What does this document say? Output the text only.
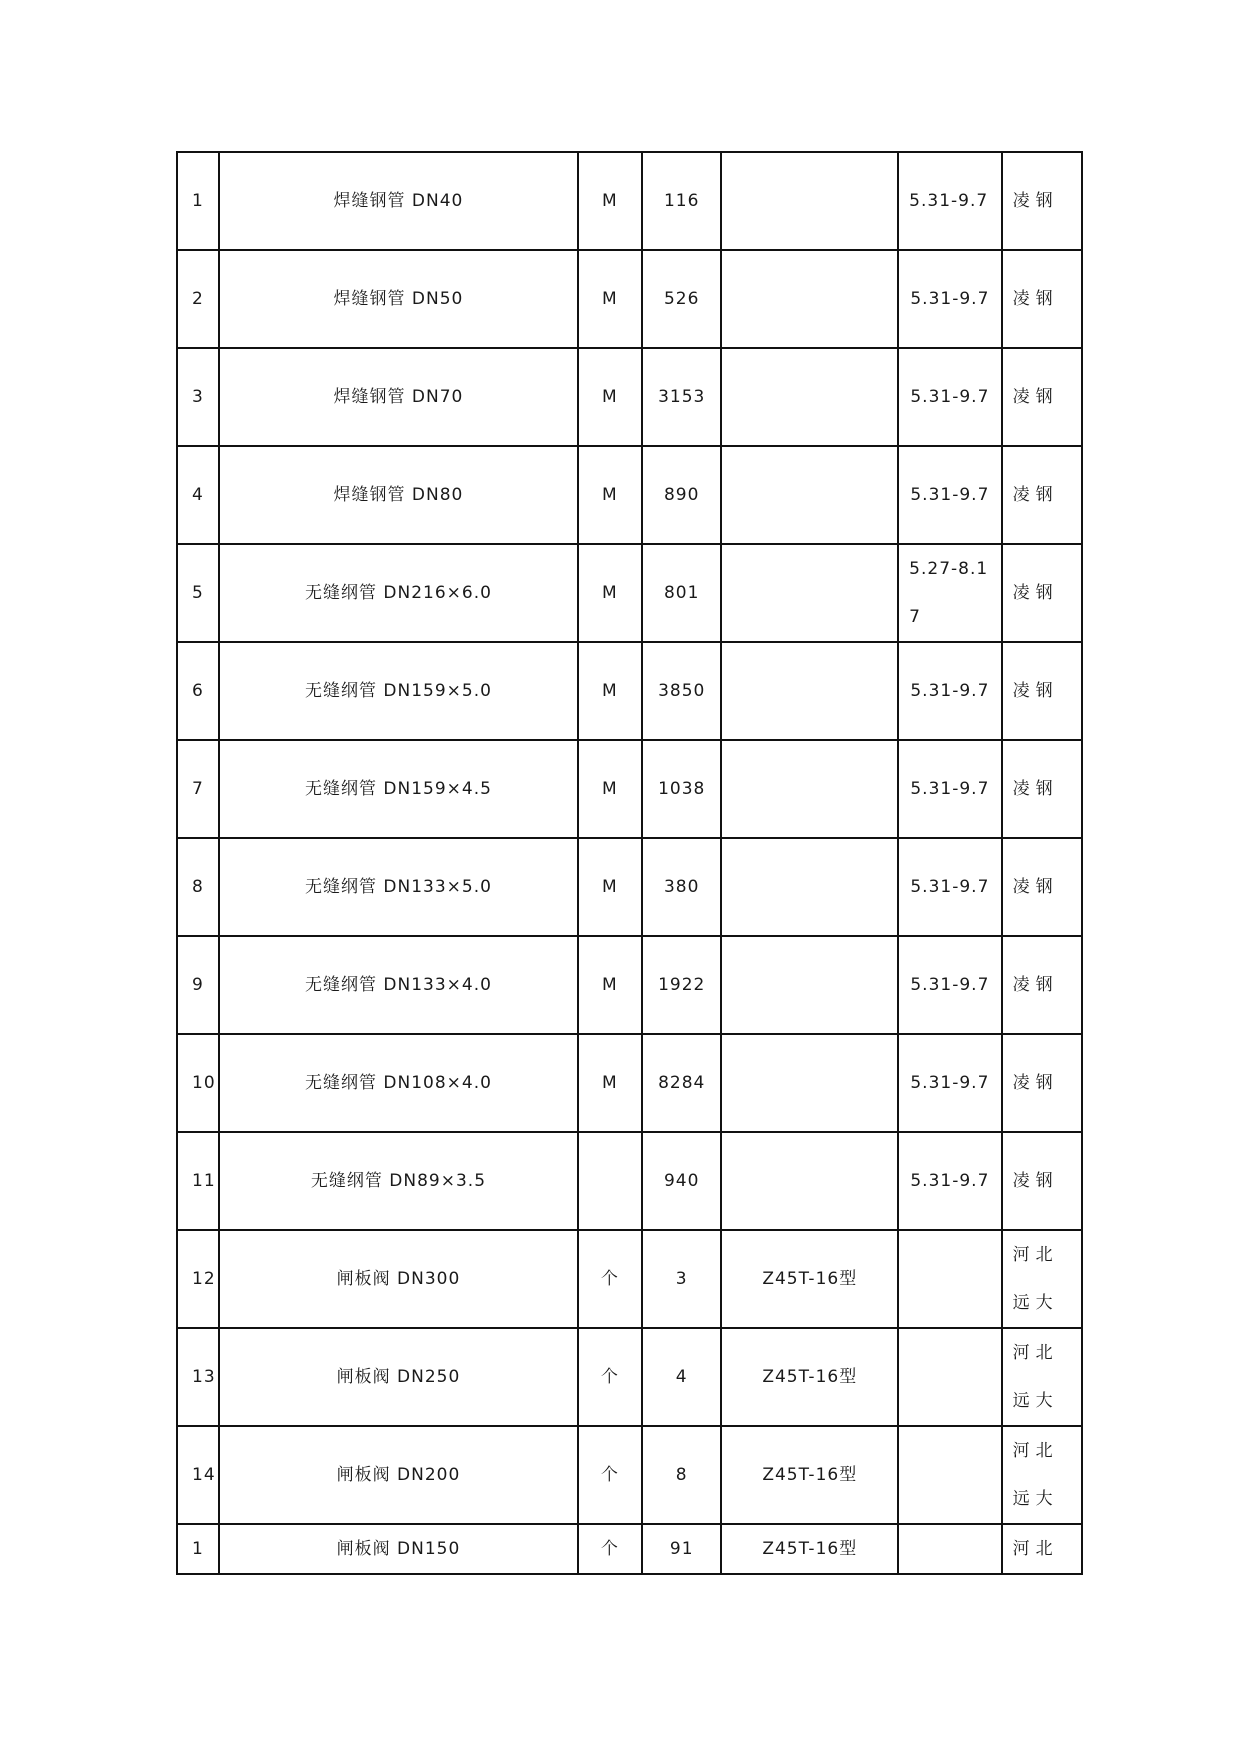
1	焊缝钢管 DN40	M	116		5.31-9.7	凌钢
2	焊缝钢管 DN50	M	526		5.31-9.7	凌钢
3	焊缝钢管 DN70	M	3153		5.31-9.7	凌钢
4	焊缝钢管 DN80	M	890		5.31-9.7	凌钢
5	无缝纲管 DN216×6.0	M	801		5.27-8.17	凌钢
6	无缝纲管 DN159×5.0	M	3850		5.31-9.7	凌钢
7	无缝纲管 DN159×4.5	M	1038		5.31-9.7	凌钢
8	无缝纲管 DN133×5.0	M	380		5.31-9.7	凌钢
9	无缝纲管 DN133×4.0	M	1922		5.31-9.7	凌钢
10	无缝纲管 DN108×4.0	M	8284		5.31-9.7	凌钢
11	无缝纲管 DN89×3.5		940		5.31-9.7	凌钢
12	闸板阀 DN300	个	3	Z45T-16型		河北远大
13	闸板阀 DN250	个	4	Z45T-16型		河北远大
14	闸板阀 DN200	个	8	Z45T-16型		河北远大
1	闸板阀 DN150	个	91	Z45T-16型		河北
